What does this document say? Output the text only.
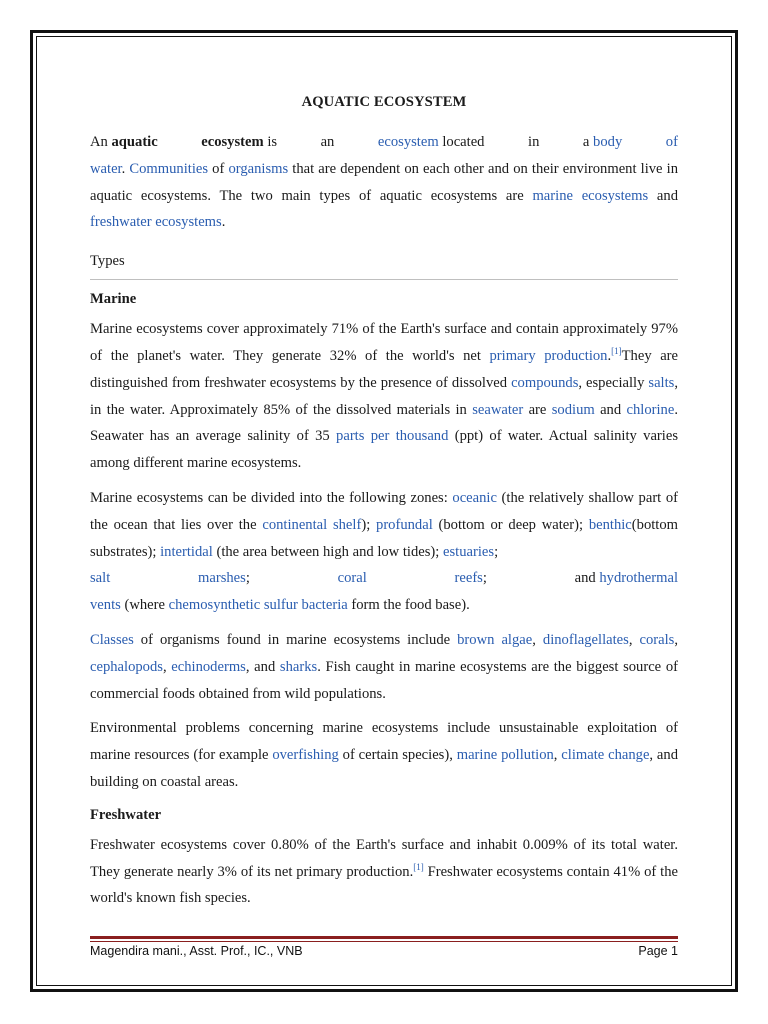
AQUATIC ECOSYSTEM

An aquatic	ecosystem is	an	ecosystem located	in	a body	of

water. Communities of organisms that are dependent on each other and on their environment live in aquatic ecosystems. The two main types of aquatic ecosystems are marine ecosystems and freshwater ecosystems.

Types

Marine

Marine ecosystems cover approximately 71% of the Earth's surface and contain approximately 97% of the planet's water. They generate 32% of the world's net primary production.[1]They are distinguished from freshwater ecosystems by the presence of dissolved compounds, especially salts, in the water. Approximately 85% of the dissolved materials in seawater are sodium and chlorine. Seawater has an average salinity of 35 parts per thousand (ppt) of water. Actual salinity varies among different marine ecosystems.

Marine ecosystems can be divided into the following zones: oceanic (the relatively shallow part of the ocean that lies over the continental shelf); profundal (bottom or deep water); benthic(bottom substrates); intertidal (the area between high and low tides); estuaries;

salt	marshes;	coral	reefs;	and hydrothermal

vents (where chemosynthetic sulfur bacteria form the food base).

Classes of organisms found in marine ecosystems include brown algae, dinoflagellates, corals, cephalopods, echinoderms, and sharks. Fish caught in marine ecosystems are the biggest source of commercial foods obtained from wild populations.

Environmental problems concerning marine ecosystems include unsustainable exploitation of marine resources (for example overfishing of certain species), marine pollution, climate change, and building on coastal areas.

Freshwater

Freshwater ecosystems cover 0.80% of the Earth's surface and inhabit 0.009% of its total water. They generate nearly 3% of its net primary production.[1] Freshwater ecosystems contain 41% of the world's known fish species.

Magendira mani., Asst. Prof., IC., VNB	Page 1
